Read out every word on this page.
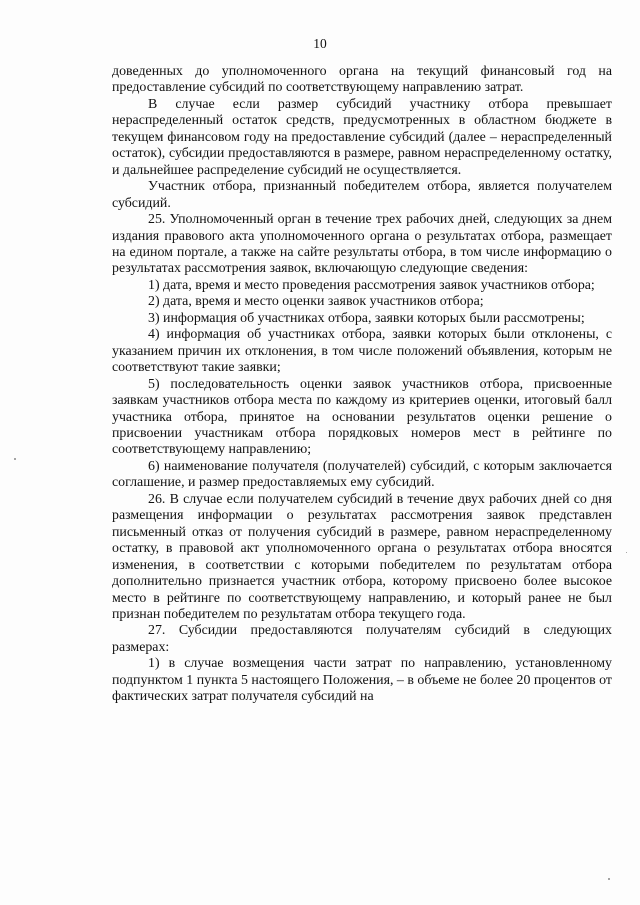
10

доведенных до уполномоченного органа на текущий финансовый год на предоставление субсидий по соответствующему направлению затрат.

В случае если размер субсидий участнику отбора превышает нераспределенный остаток средств, предусмотренных в областном бюджете в текущем финансовом году на предоставление субсидий (далее – нераспределенный остаток), субсидии предоставляются в размере, равном нераспределенному остатку, и дальнейшее распределение субсидий не осуществляется.

Участник отбора, признанный победителем отбора, является получателем субсидий.

25. Уполномоченный орган в течение трех рабочих дней, следующих за днем издания правового акта уполномоченного органа о результатах отбора, размещает на едином портале, а также на сайте результаты отбора, в том числе информацию о результатах рассмотрения заявок, включающую следующие сведения:

1) дата, время и место проведения рассмотрения заявок участников отбора;

2) дата, время и место оценки заявок участников отбора;

3) информация об участниках отбора, заявки которых были рассмотрены;

4) информация об участниках отбора, заявки которых были отклонены, с указанием причин их отклонения, в том числе положений объявления, которым не соответствуют такие заявки;

5) последовательность оценки заявок участников отбора, присвоенные заявкам участников отбора места по каждому из критериев оценки, итоговый балл участника отбора, принятое на основании результатов оценки решение о присвоении участникам отбора порядковых номеров мест в рейтинге по соответствующему направлению;

6) наименование получателя (получателей) субсидий, с которым заключается соглашение, и размер предоставляемых ему субсидий.

26. В случае если получателем субсидий в течение двух рабочих дней со дня размещения информации о результатах рассмотрения заявок представлен письменный отказ от получения субсидий в размере, равном нераспределенному остатку, в правовой акт уполномоченного органа о результатах отбора вносятся изменения, в соответствии с которыми победителем по результатам отбора дополнительно признается участник отбора, которому присвоено более высокое место в рейтинге по соответствующему направлению, и который ранее не был признан победителем по результатам отбора текущего года.

27. Субсидии предоставляются получателям субсидий в следующих размерах:

1) в случае возмещения части затрат по направлению, установленному подпунктом 1 пункта 5 настоящего Положения, – в объеме не более 20 процентов от фактических затрат получателя субсидий на
